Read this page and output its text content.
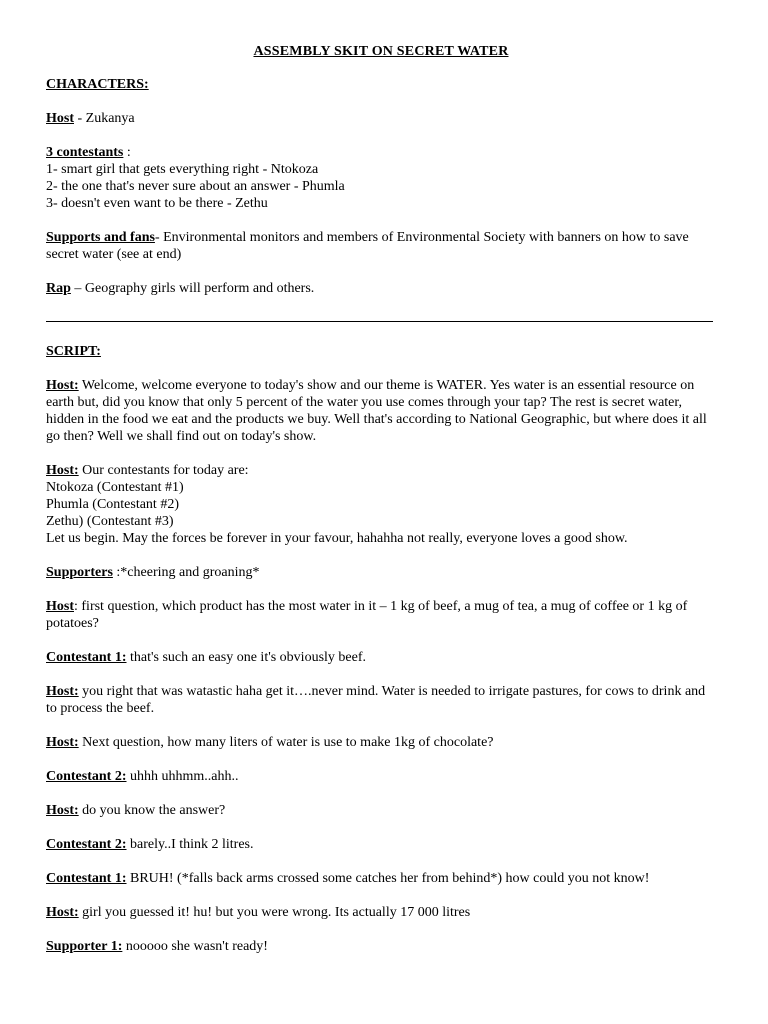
ASSEMBLY SKIT ON SECRET WATER
CHARACTERS:
Host - Zukanya
3 contestants :
1- smart girl that gets everything right - Ntokoza
2- the one that's never sure about an answer - Phumla
3- doesn't even want to be there - Zethu
Supports and fans- Environmental monitors and members of Environmental Society with banners on how to save secret water (see at end)
Rap – Geography girls will perform and others.
SCRIPT:
Host: Welcome, welcome everyone to today's show and our theme is WATER. Yes water is an essential resource on earth but, did you know that only 5 percent of the water you use comes through your tap? The rest is secret water, hidden in the food we eat and the products we buy. Well that's according to National Geographic, but where does it all go then? Well we shall find out on today's show.
Host: Our contestants for today are:
Ntokoza (Contestant #1)
Phumla (Contestant #2)
Zethu) (Contestant #3)
Let us begin. May the forces be forever in your favour, hahahha not really, everyone loves a good show.
Supporters :*cheering and groaning*
Host: first question, which product has the most water in it – 1 kg of beef, a mug of tea, a mug of coffee or 1 kg of potatoes?
Contestant 1: that's such an easy one it's obviously beef.
Host: you right that was watastic haha get it….never mind. Water is needed to irrigate pastures, for cows to drink and to process the beef.
Host: Next question, how many liters of water is use to make 1kg of chocolate?
Contestant 2: uhhh uhhmm..ahh..
Host: do you know the answer?
Contestant 2: barely..I think 2 litres.
Contestant 1: BRUH! (*falls back arms crossed some catches her from behind*) how could you not know!
Host: girl you guessed it! hu! but you were wrong. Its actually 17 000 litres
Supporter 1: nooooo she wasn't ready!
